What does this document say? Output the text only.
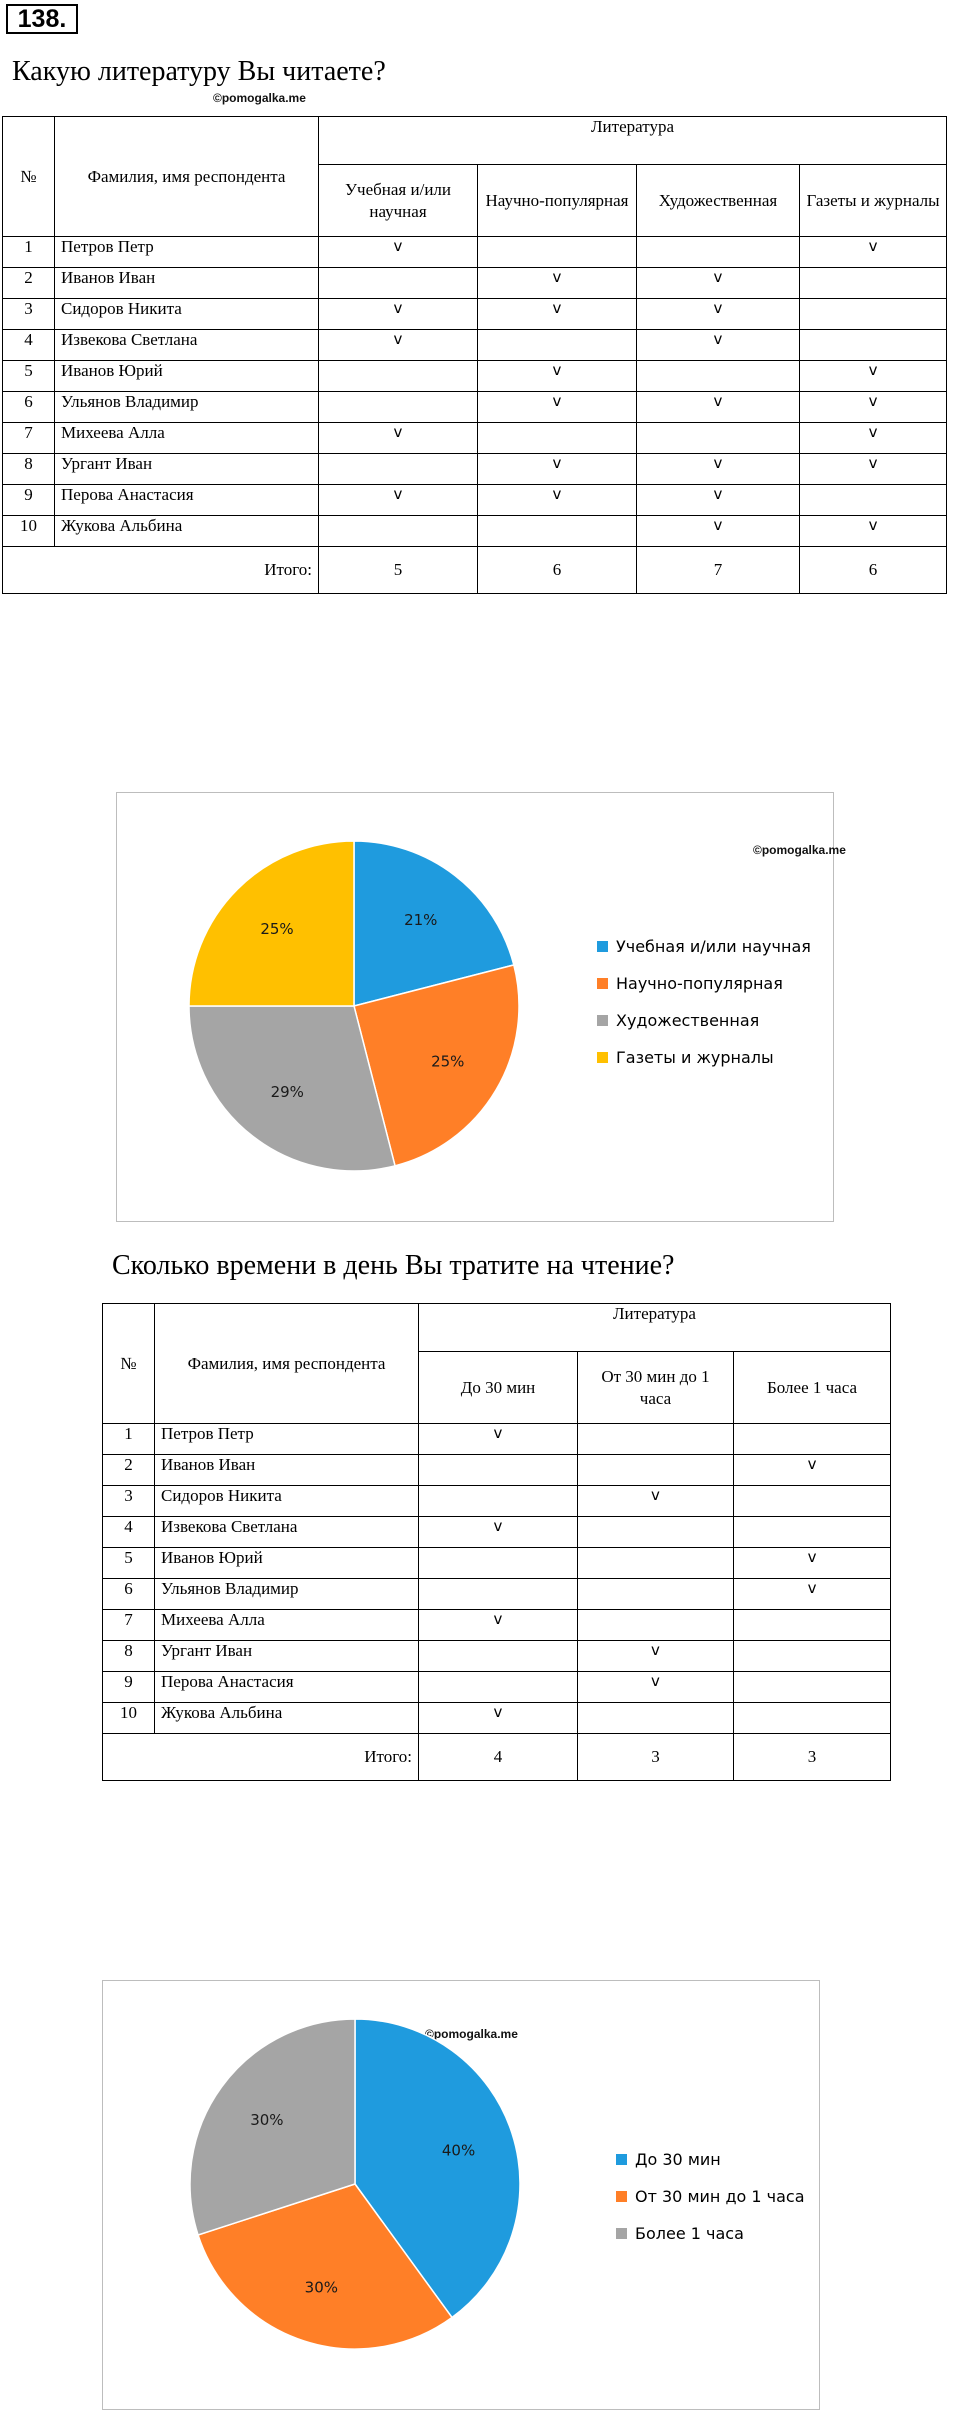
138.
Какую литературу Вы читаете?
©pomogalka.me
№	Фамилия, имя респондента	Литература			
		Учебная и/или научная	Научно-популярная	Художественная	Газеты и журналы
1	Петров Петр	v			v
2	Иванов Иван		v	v	
3	Сидоров Никита	v	v	v	
4	Извекова Светлана	v		v	
5	Иванов Юрий		v		v
6	Ульянов Владимир		v	v	v
7	Михеева Алла	v			v
8	Ургант Иван		v	v	v
9	Перова Анастасия	v	v	v	
10	Жукова Альбина			v	v
Итого:		5	6	7	6
©pomogalka.me
21%
25%
29%
25%
Учебная и/или научная
Научно-популярная
Художественная
Газеты и журналы
Сколько времени в день Вы тратите на чтение?
№	Фамилия, имя респондента	Литература		
		До 30 мин	От 30 мин до 1 часа	Более 1 часа
1	Петров Петр	v		
2	Иванов Иван			v
3	Сидоров Никита		v	
4	Извекова Светлана	v		
5	Иванов Юрий			v
6	Ульянов Владимир			v
7	Михеева Алла	v		
8	Ургант Иван		v	
9	Перова Анастасия		v	
10	Жукова Альбина	v		
Итого:		4	3	3
©pomogalka.me
40%
30%
30%
До 30 мин
От 30 мин до 1 часа
Более 1 часа
